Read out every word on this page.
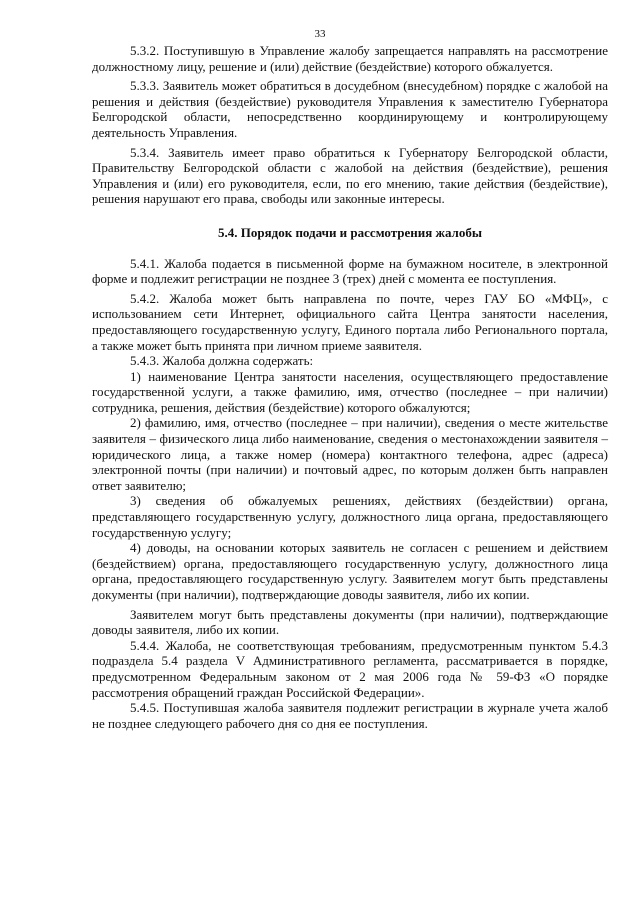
33

5.3.2. Поступившую в Управление жалобу запрещается направлять на рассмотрение должностному лицу, решение и (или) действие (бездействие) которого обжалуется.

5.3.3. Заявитель может обратиться в досудебном (внесудебном) порядке с жалобой на решения и действия (бездействие) руководителя Управления к заместителю Губернатора Белгородской области, непосредственно координирующему и контролирующему деятельность Управления.

5.3.4. Заявитель имеет право обратиться к Губернатору Белгородской области, Правительству Белгородской области с жалобой на действия (бездействие), решения Управления и (или) его руководителя, если, по его мнению, такие действия (бездействие), решения нарушают его права, свободы или законные интересы.

5.4. Порядок подачи и рассмотрения жалобы

5.4.1. Жалоба подается в письменной форме на бумажном носителе, в электронной форме и подлежит регистрации не позднее 3 (трех) дней с момента ее поступления.

5.4.2. Жалоба может быть направлена по почте, через ГАУ БО «МФЦ», с использованием сети Интернет, официального сайта Центра занятости населения, предоставляющего государственную услугу, Единого портала либо Регионального портала, а также может быть принята при личном приеме заявителя.

5.4.3. Жалоба должна содержать:

1) наименование Центра занятости населения, осуществляющего предоставление государственной услуги, а также фамилию, имя, отчество (последнее – при наличии) сотрудника, решения, действия (бездействие) которого обжалуются;

2) фамилию, имя, отчество (последнее – при наличии), сведения о месте жительстве заявителя – физического лица либо наименование, сведения о местонахождении заявителя – юридического лица, а также номер (номера) контактного телефона, адрес (адреса) электронной почты (при наличии) и почтовый адрес, по которым должен быть направлен ответ заявителю;

3) сведения об обжалуемых решениях, действиях (бездействии) органа, представляющего государственную услугу, должностного лица органа, предоставляющего государственную услугу;

4) доводы, на основании которых заявитель не согласен с решением и действием (бездействием) органа, предоставляющего государственную услугу, должностного лица органа, предоставляющего государственную услугу. Заявителем могут быть представлены документы (при наличии), подтверждающие доводы заявителя, либо их копии.

Заявителем могут быть представлены документы (при наличии), подтверждающие доводы заявителя, либо их копии.

5.4.4. Жалоба, не соответствующая требованиям, предусмотренным пунктом 5.4.3 подраздела 5.4 раздела V Административного регламента, рассматривается в порядке, предусмотренном Федеральным законом от 2 мая 2006 года № 59-ФЗ «О порядке рассмотрения обращений граждан Российской Федерации».

5.4.5. Поступившая жалоба заявителя подлежит регистрации в журнале учета жалоб не позднее следующего рабочего дня со дня ее поступления.
